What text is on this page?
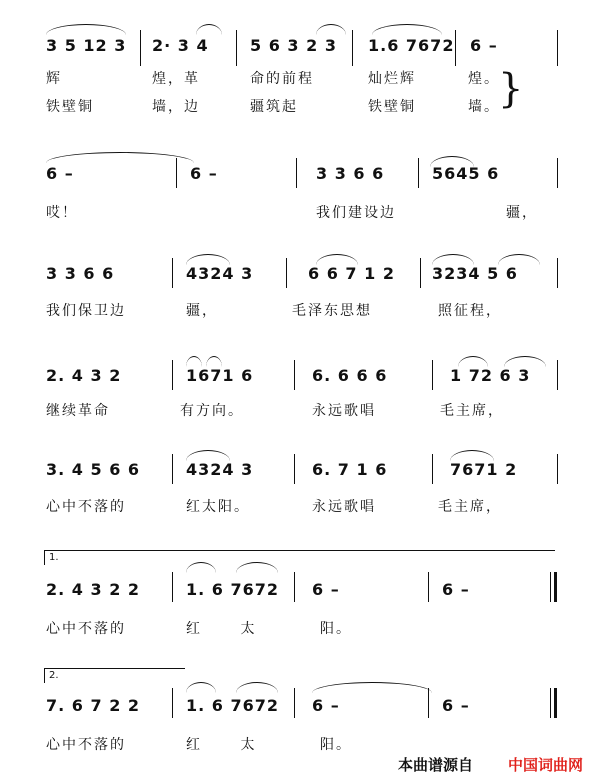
3 5 12 3 2· 3 4	5 6 3 2 3 1.6 7672 6 –
辉	煌，革	命的前程	灿烂辉	煌。
铁壁铜	墙，边	疆筑起	铁壁铜	墙。
}
6 –	6 –	3 3 6 6	5645 6
哎！	我们建设边	疆，
3 3 6 6	4324 3	6 6 7 1 2 3234 5 6
我们保卫边	疆，	毛泽东思想	照征程，
2. 4 3 2	1671 6	6. 6 6 6	1 72 6 3
继续革命	有方向。	永远歌唱	毛主席，
3. 4 5 6 6	4324 3	6. 7 1 6	7671 2
心中不落的	红太阳。	永远歌唱	毛主席，
1.
2. 4 3 2 2	1. 6 7672 6 –	6 –
心中不落的	红 太	阳。
2.
7. 6 7 2 2	1. 6 7672 6 –	6 –
心中不落的	红 太	阳。
本曲谱源自 中国词曲网
